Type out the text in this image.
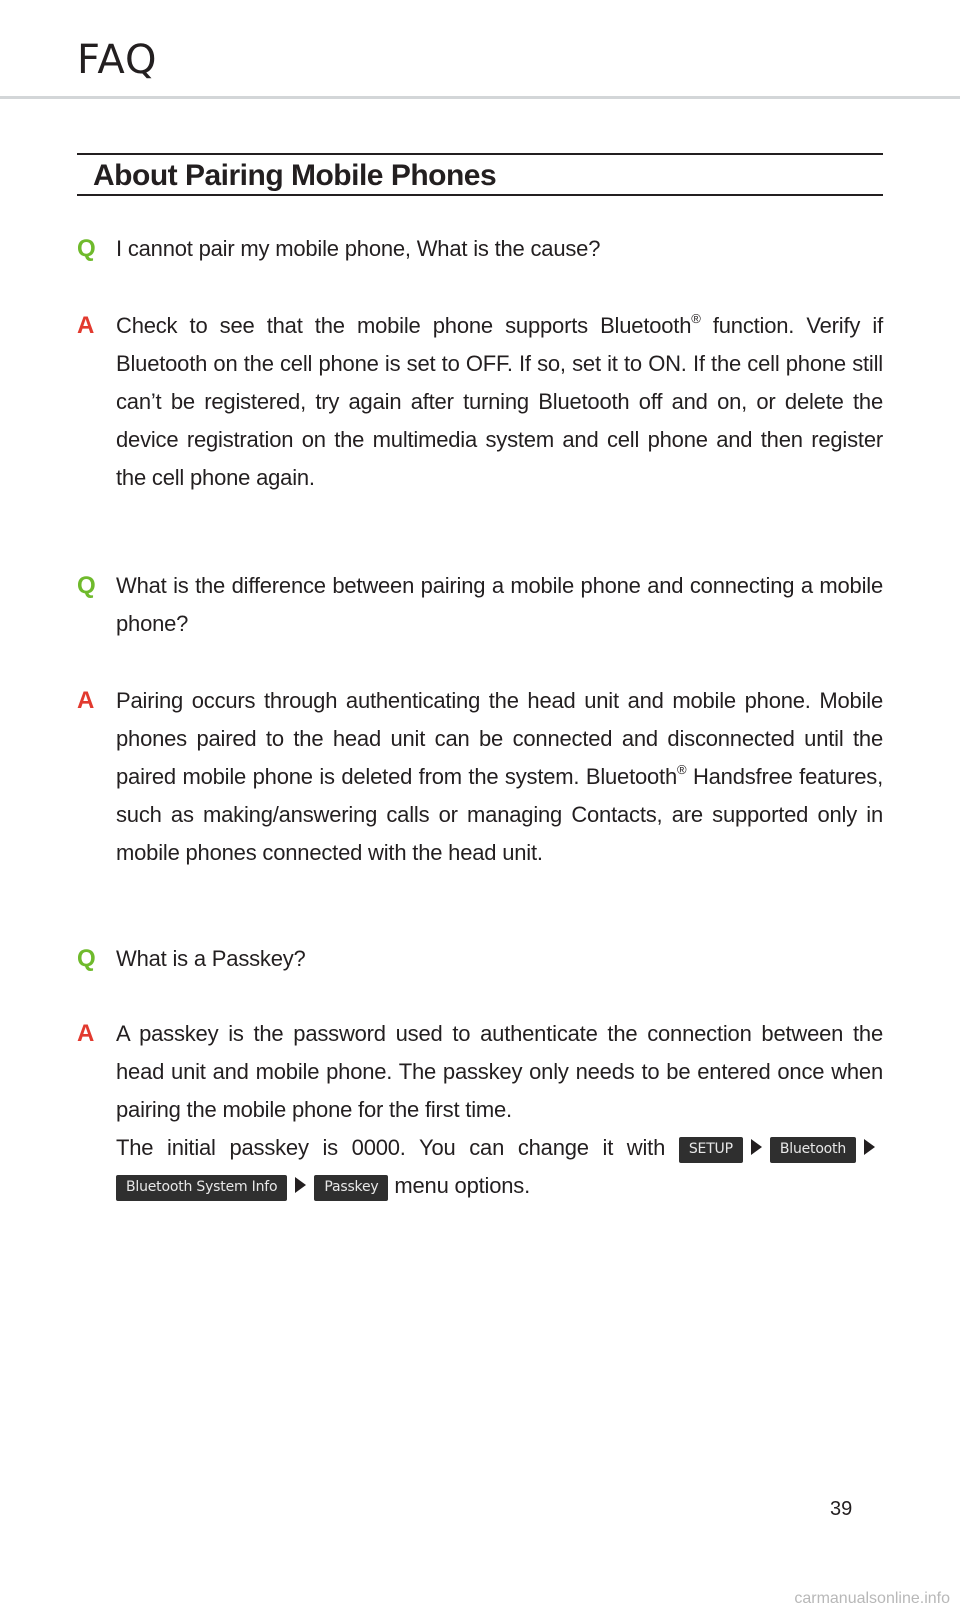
FAQ
About Pairing Mobile Phones
Q I cannot pair my mobile phone, What is the cause?
A Check to see that the mobile phone supports Bluetooth® function. Verify if Bluetooth on the cell phone is set to OFF. If so, set it to ON. If the cell phone still can’t be registered, try again after turning Bluetooth off and on, or delete the device registration on the multimedia system and cell phone and then register the cell phone again.
Q What is the difference between pairing a mobile phone and connecting a mobile phone?
A Pairing occurs through authenticating the head unit and mobile phone. Mobile phones paired to the head unit can be connected and disconnected until the paired mobile phone is deleted from the system. Bluetooth® Handsfree features, such as making/answering calls or managing Contacts, are supported only in mobile phones connected with the head unit.
Q What is a Passkey?
A A passkey is the password used to authenticate the connection between the head unit and mobile phone. The passkey only needs to be entered once when pairing the mobile phone for the first time.
The initial passkey is 0000. You can change it with SETUP	Bluetooth Bluetooth System Info	Passkey menu options.
39
carmanualsonline.info
